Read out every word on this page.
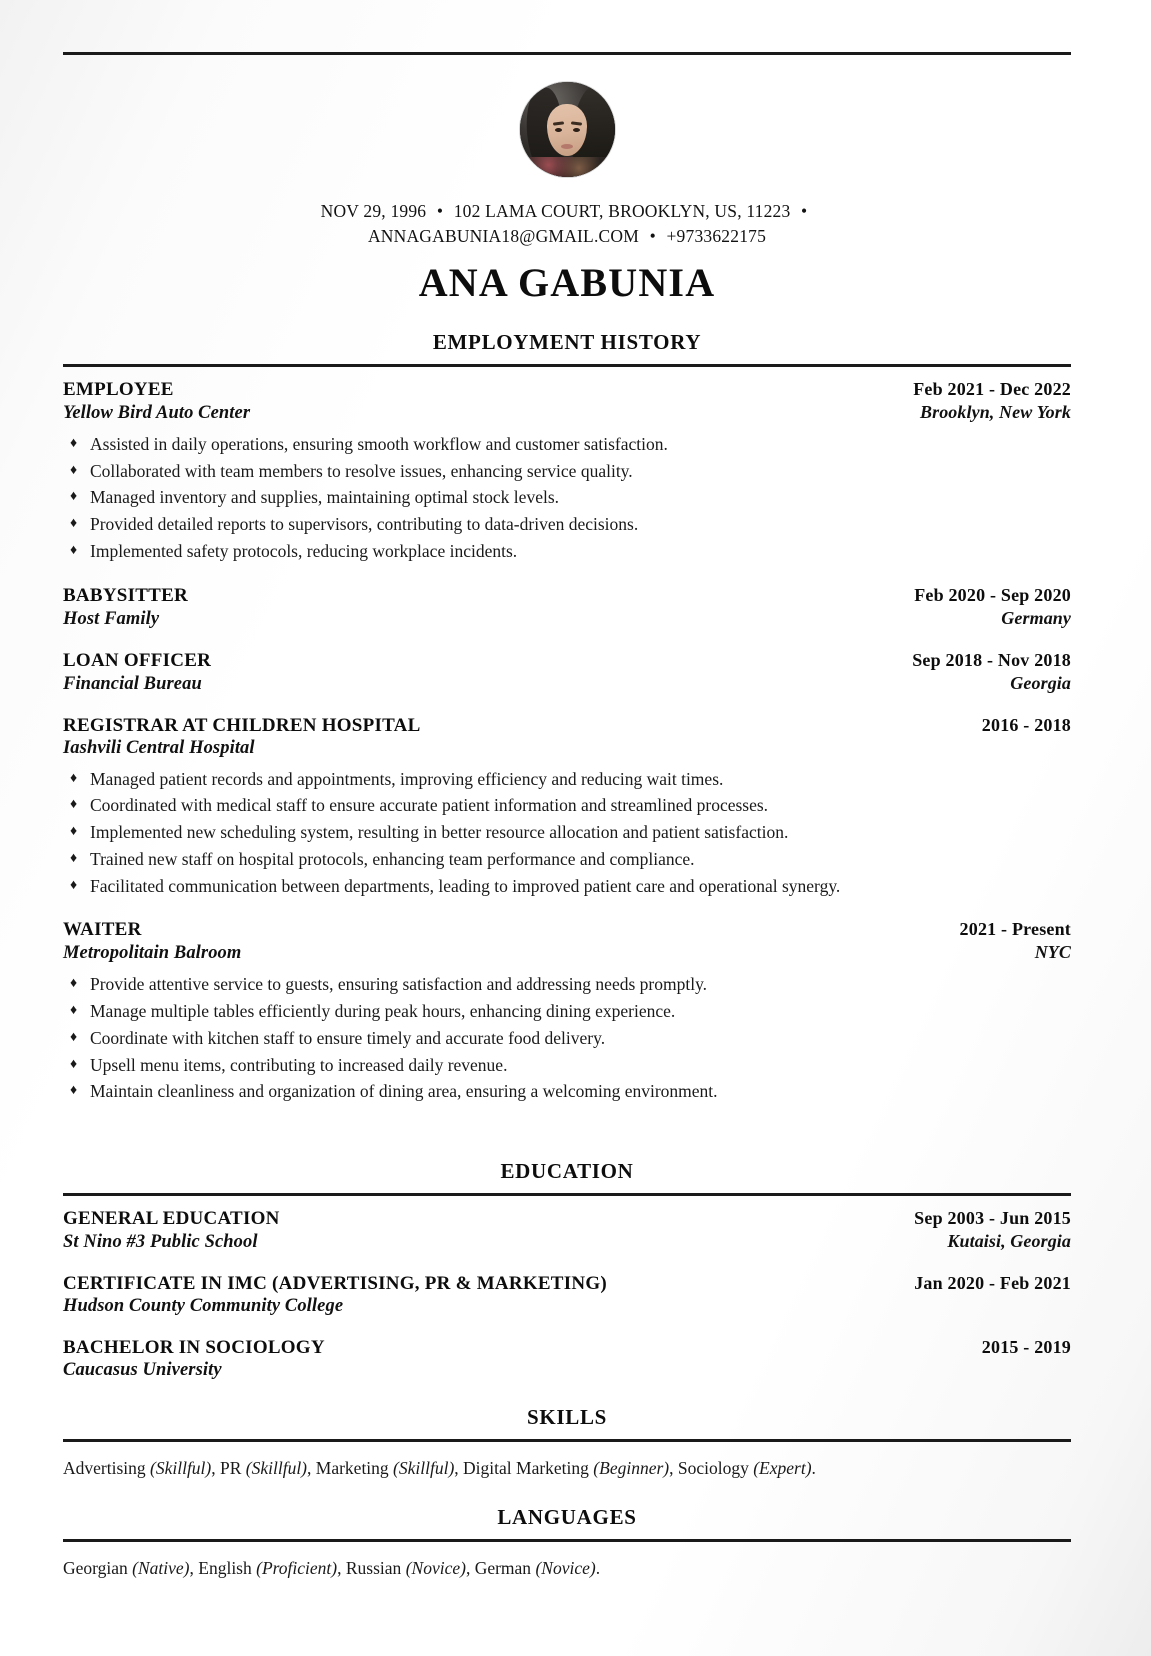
NOV 29, 1996 • 102 LAMA COURT, BROOKLYN, US, 11223 •
ANNAGABUNIA18@GMAIL.COM • +9733622175
ANA GABUNIA
EMPLOYMENT HISTORY
EMPLOYEE	Feb 2021 - Dec 2022
Yellow Bird Auto Center	Brooklyn, New York
♦ Assisted in daily operations, ensuring smooth workflow and customer satisfaction.
♦ Collaborated with team members to resolve issues, enhancing service quality.
♦ Managed inventory and supplies, maintaining optimal stock levels.
♦ Provided detailed reports to supervisors, contributing to data-driven decisions.
♦ Implemented safety protocols, reducing workplace incidents.
BABYSITTER	Feb 2020 - Sep 2020
Host Family	Germany
LOAN OFFICER	Sep 2018 - Nov 2018
Financial Bureau	Georgia
REGISTRAR AT CHILDREN HOSPITAL	2016 - 2018
Iashvili Central Hospital
♦ Managed patient records and appointments, improving efficiency and reducing wait times.
♦ Coordinated with medical staff to ensure accurate patient information and streamlined processes.
♦ Implemented new scheduling system, resulting in better resource allocation and patient satisfaction.
♦ Trained new staff on hospital protocols, enhancing team performance and compliance.
♦ Facilitated communication between departments, leading to improved patient care and operational synergy.
WAITER	2021 - Present
Metropolitain Balroom	NYC
♦ Provide attentive service to guests, ensuring satisfaction and addressing needs promptly.
♦ Manage multiple tables efficiently during peak hours, enhancing dining experience.
♦ Coordinate with kitchen staff to ensure timely and accurate food delivery.
♦ Upsell menu items, contributing to increased daily revenue.
♦ Maintain cleanliness and organization of dining area, ensuring a welcoming environment.
EDUCATION
GENERAL EDUCATION	Sep 2003 - Jun 2015
St Nino #3 Public School	Kutaisi, Georgia
CERTIFICATE IN IMC (ADVERTISING, PR & MARKETING)	Jan 2020 - Feb 2021
Hudson County Community College
BACHELOR IN SOCIOLOGY	2015 - 2019
Caucasus University
SKILLS
Advertising (Skillful), PR (Skillful), Marketing (Skillful), Digital Marketing (Beginner), Sociology (Expert).
LANGUAGES
Georgian (Native), English (Proficient), Russian (Novice), German (Novice).
